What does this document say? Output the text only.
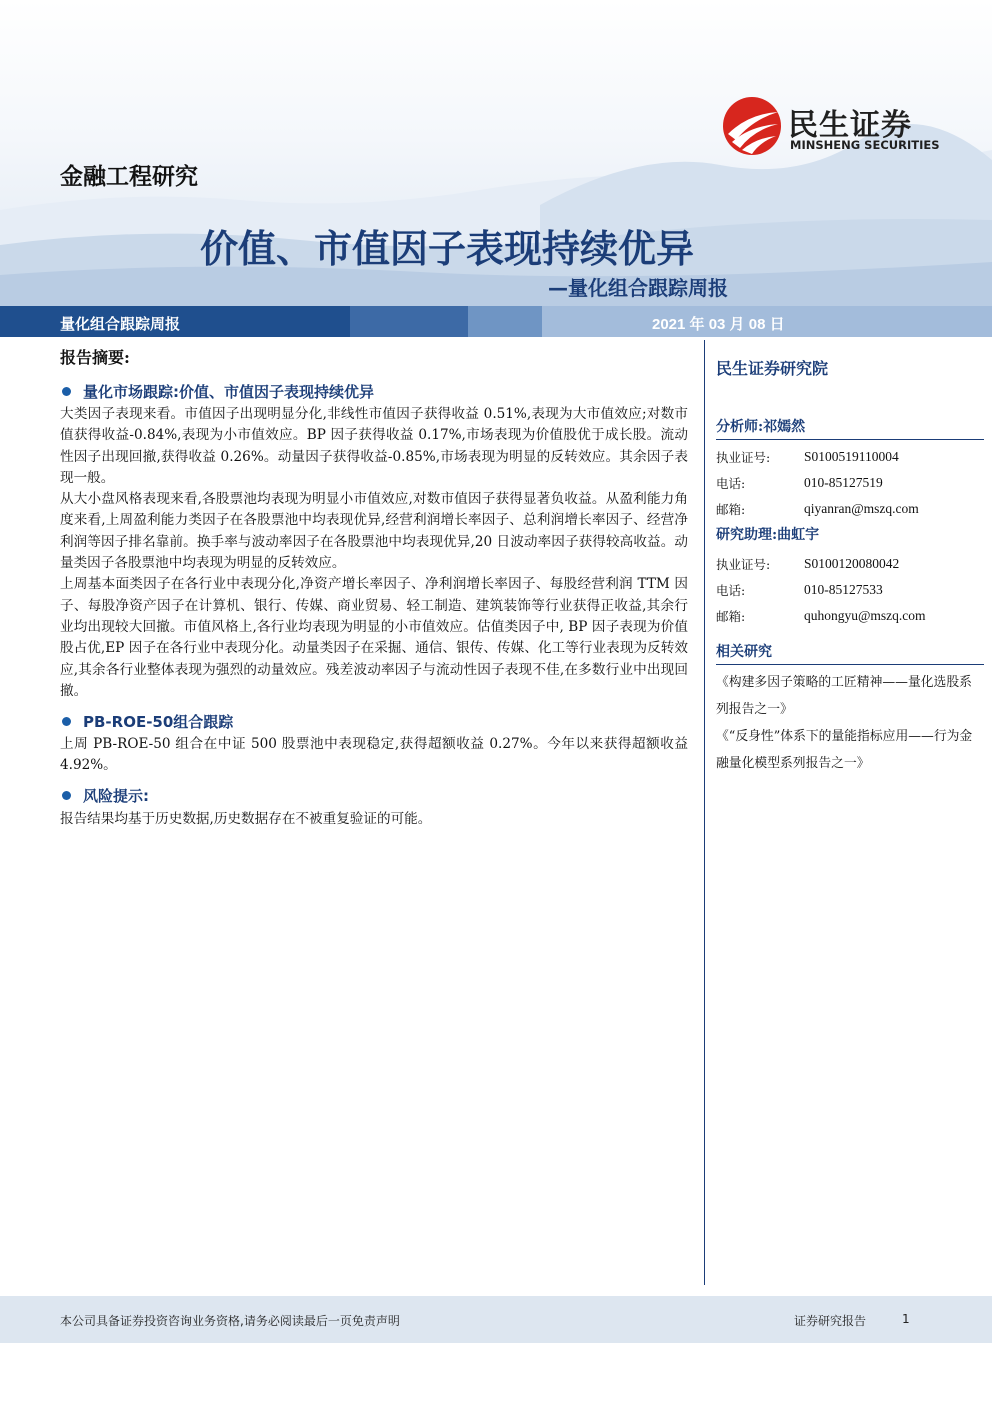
民生证券
MINSHENG SECURITIES
金融工程研究
价值、市值因子表现持续优异
—量化组合跟踪周报
量化组合跟踪周报	2021 年 03 月 08 日
报告摘要:
量化市场跟踪:价值、市值因子表现持续优异

大类因子表现来看。市值因子出现明显分化,非线性市值因子获得收益 0.51%,表现为大市值效应;对数市值获得收益-0.84%,表现为小市值效应。BP 因子获得收益 0.17%,市场表现为价值股优于成长股。流动性因子出现回撤,获得收益 0.26%。动量因子获得收益-0.85%,市场表现为明显的反转效应。其余因子表现一般。

从大小盘风格表现来看,各股票池均表现为明显小市值效应,对数市值因子获得显著负收益。从盈利能力角度来看,上周盈利能力类因子在各股票池中均表现优异,经营利润增长率因子、总利润增长率因子、经营净利润等因子排名靠前。换手率与波动率因子在各股票池中均表现优异,20 日波动率因子获得较高收益。动量类因子各股票池中均表现为明显的反转效应。

上周基本面类因子在各行业中表现分化,净资产增长率因子、净利润增长率因子、每股经营利润 TTM 因子、每股净资产因子在计算机、银行、传媒、商业贸易、轻工制造、建筑装饰等行业获得正收益,其余行业均出现较大回撤。市值风格上,各行业均表现为明显的小市值效应。估值类因子中, BP 因子表现为价值股占优,EP 因子在各行业中表现分化。动量类因子在采掘、通信、银传、传媒、化工等行业表现为反转效应,其余各行业整体表现为强烈的动量效应。残差波动率因子与流动性因子表现不佳,在多数行业中出现回撤。

PB-ROE-50组合跟踪

上周 PB-ROE-50 组合在中证 500 股票池中表现稳定,获得超额收益 0.27%。今年以来获得超额收益 4.92%。

风险提示:

报告结果均基于历史数据,历史数据存在不被重复验证的可能。

民生证券研究院
分析师:祁嫣然
执业证号:	S0100519110004
电话:	010-85127519
邮箱:	qiyanran@mszq.com
研究助理:曲虹宇
执业证号:	S0100120080042
电话:	010-85127533
邮箱:	quhongyu@mszq.com
相关研究
《构建多因子策略的工匠精神——量化选股系列报告之一》
《“反身性”体系下的量能指标应用——行为金融量化模型系列报告之一》
本公司具备证券投资咨询业务资格,请务必阅读最后一页免责声明	证券研究报告	1
